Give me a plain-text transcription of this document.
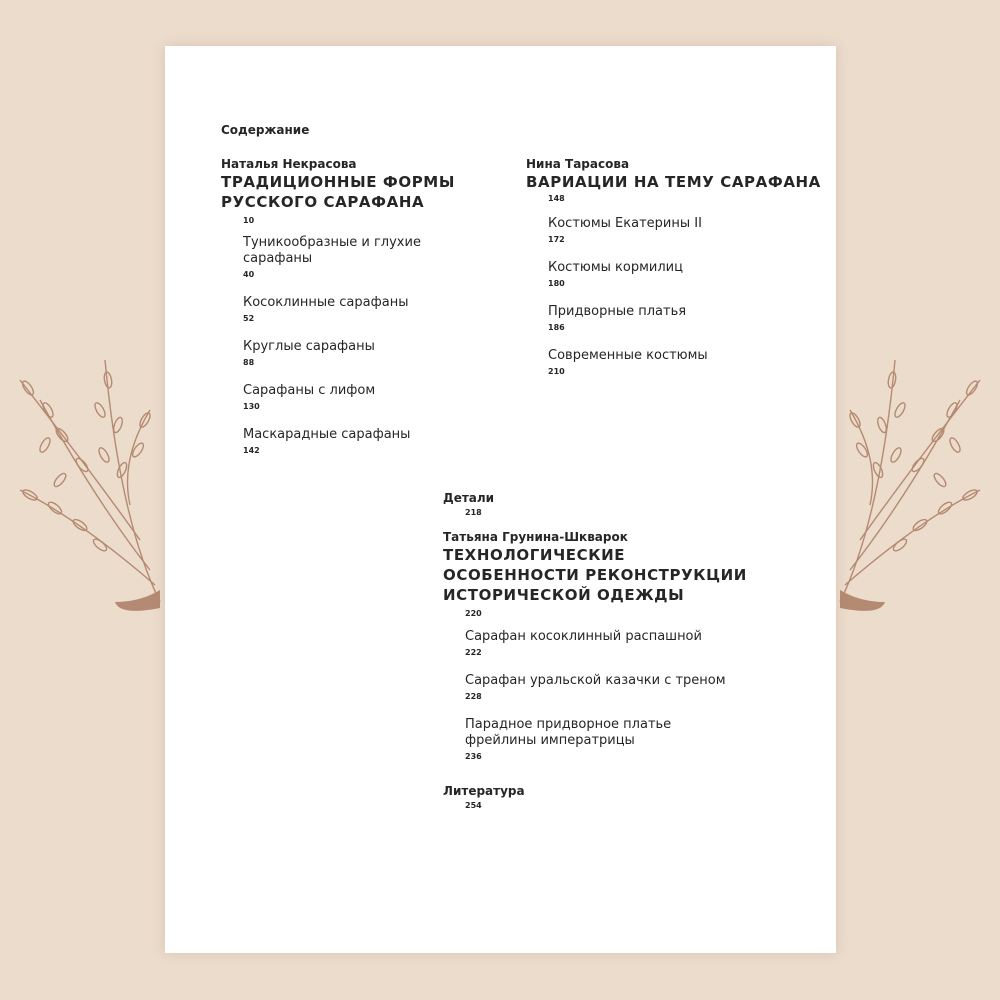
Содержание
Наталья Некрасова
ТРАДИЦИОННЫЕ ФОРМЫ
РУССКОГО САРАФАНА
10
Туникообразные и глухие
сарафаны
40
Косоклинные сарафаны
52
Круглые сарафаны
88
Сарафаны с лифом
130
Маскарадные сарафаны
142
Нина Тарасова
ВАРИАЦИИ НА ТЕМУ САРАФАНА
148
Костюмы Екатерины II
172
Костюмы кормилиц
180
Придворные платья
186
Современные костюмы
210
Детали
218
Татьяна Грунина-Шкварок
ТЕХНОЛОГИЧЕСКИЕ
ОСОБЕННОСТИ РЕКОНСТРУКЦИИ
ИСТОРИЧЕСКОЙ ОДЕЖДЫ
220
Сарафан косоклинный распашной
222
Сарафан уральской казачки с треном
228
Парадное придворное платье
фрейлины императрицы
236
Литература
254
